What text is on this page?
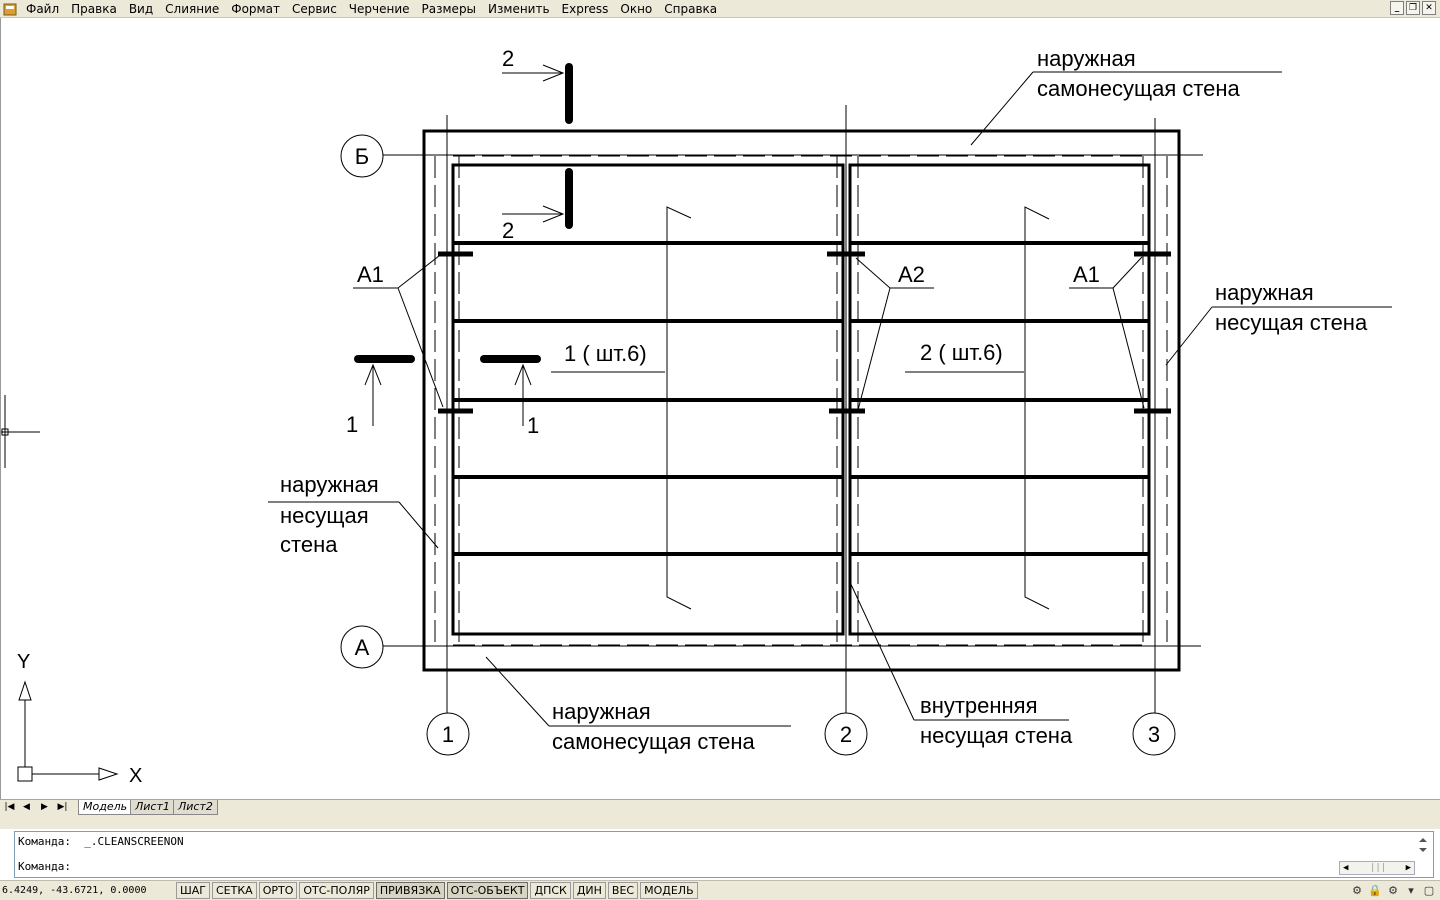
Файл	Правка	Вид	Слияние	Формат	Сервис	Черчение	Размеры	Изменить	Express	Окно	Справка	_	❐ ✕
Б
А
1	2	3
наружная
самонесущая стена
наружная
несущая стена
наружная
несущая
стена
наружная
самонесущая стена
внутренняя
несущая стена
А1	А2	А1
1 ( шт.6)	2 ( шт.6)
2
2
1	1
X
Y
|◀ ◀	▶	▶|	Модель Лист1 Лист2
Команда:  _.CLEANSCREENON
Команда:	◀ ||| ▶
6.4249, -43.6721, 0.0000	ШАГ СЕТКА ОРТО ОТС-ПОЛЯР ПРИВЯЗКА ОТС-ОБЪЕКТ ДПСК ДИН ВЕС МОДЕЛЬ	⚙ 🔒 ⚙ ▾ ▢
